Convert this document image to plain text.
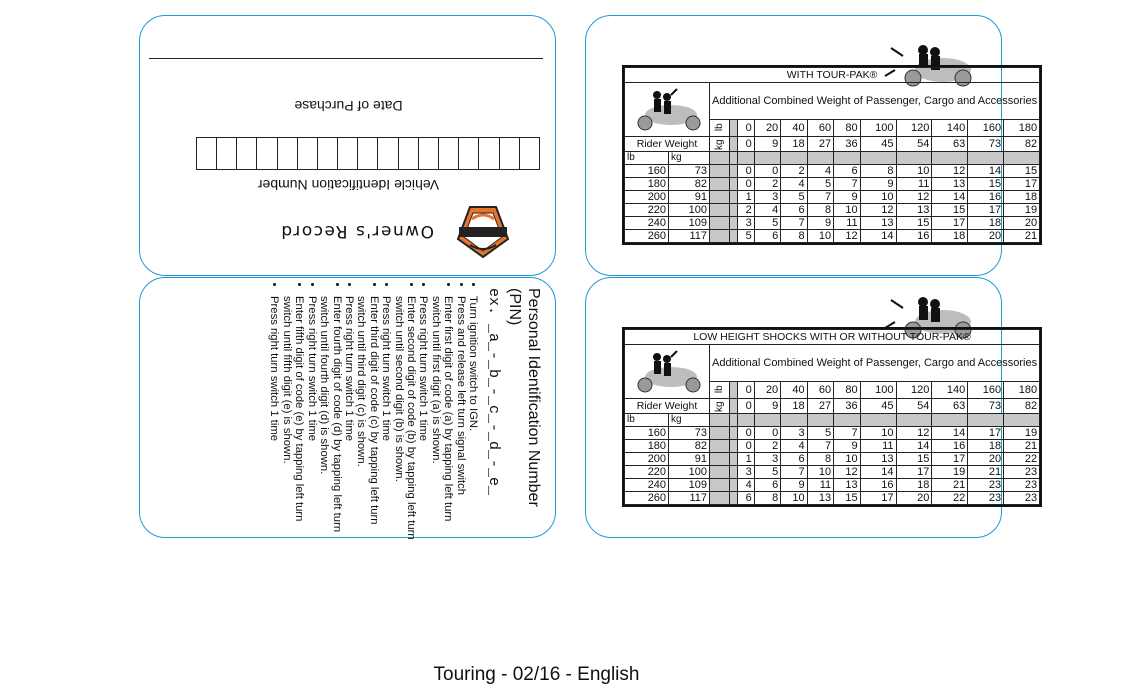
Owner's Record
Vehicle Identification Number
Date of Purchase
Personal Identification Number (PIN)
ex. _a_-_b_-_c_-_d_-_e_
• Turn ignition switch to IGN.
• Press and release left turn signal switch
• Enter first digit of code (a) by tapping left turn switch until first digit (a) is shown.
• Press right turn switch 1 time
• Enter second digit of code (b) by tapping left turn switch until second digit (b) is shown.
• Press right turn switch 1 time
• Enter third digit of code (c) by tapping left turn switch until third digit (c) is shown.
• Press right turn switch 1 time
• Enter fourth digit of code (d) by tapping left turn switch until fourth digit (d) is shown.
• Press right turn switch 1 time
• Enter fifth digit of code (e) by tapping left turn switch until fifth digit (e) is shown.
• Press right turn switch 1 time
WITH TOUR-PAK®													
	Additional Combined Weight of Passenger, Cargo and Accessories											
		lb		0	20	40	60	80	100	120	140	160	180
Rider Weight		kg		0	9	18	27	36	45	54	63	73	82
lb	kg												
160	73			0	0	2	4	6	8	10	12	14	15
180	82			0	2	4	5	7	9	11	13	15	17
200	91			1	3	5	7	9	10	12	14	16	18
220	100			2	4	6	8	10	12	13	15	17	19
240	109			3	5	7	9	11	13	15	17	18	20
260	117			5	6	8	10	12	14	16	18	20	21
LOW HEIGHT SHOCKS WITH OR WITHOUT TOUR-PAK®													
	Additional Combined Weight of Passenger, Cargo and Accessories											
		lb		0	20	40	60	80	100	120	140	160	180
Rider Weight		kg		0	9	18	27	36	45	54	63	73	82
lb	kg												
160	73			0	0	3	5	7	10	12	14	17	19
180	82			0	2	4	7	9	11	14	16	18	21
200	91			1	3	6	8	10	13	15	17	20	22
220	100			3	5	7	10	12	14	17	19	21	23
240	109			4	6	9	11	13	16	18	21	23	23
260	117			6	8	10	13	15	17	20	22	23	23
Touring - 02/16 - English
